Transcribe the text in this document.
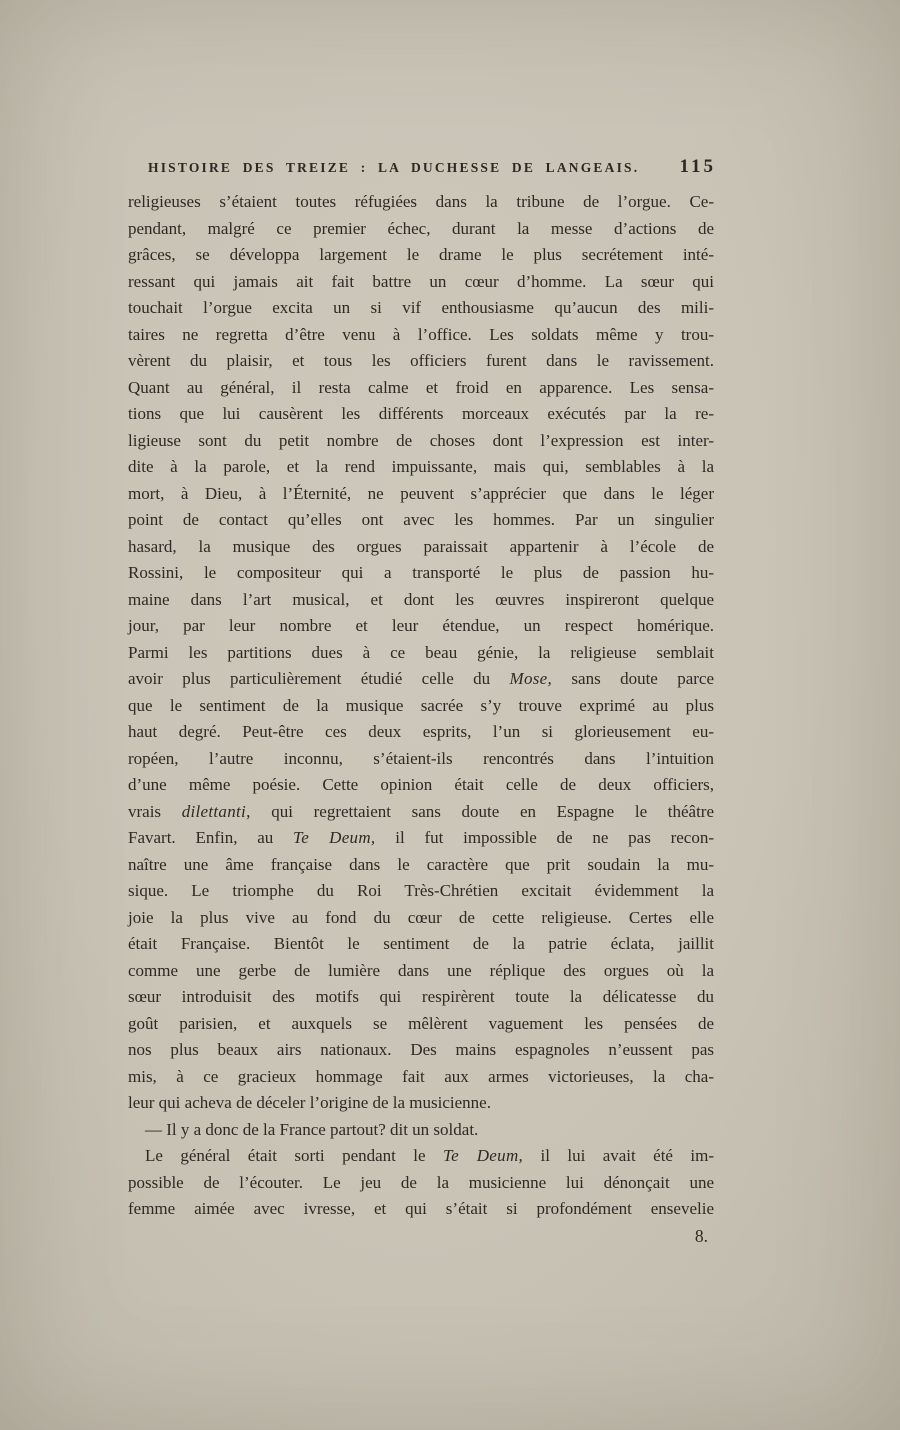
HISTOIRE DES TREIZE : LA DUCHESSE DE LANGEAIS. 115
religieuses s’étaient toutes réfugiées dans la tribune de l’orgue. Ce-
pendant, malgré ce premier échec, durant la messe d’actions de
grâces, se développa largement le drame le plus secrétement inté-
ressant qui jamais ait fait battre un cœur d’homme. La sœur qui
touchait l’orgue excita un si vif enthousiasme qu’aucun des mili-
taires ne regretta d’être venu à l’office. Les soldats même y trou-
vèrent du plaisir, et tous les officiers furent dans le ravissement.
Quant au général, il resta calme et froid en apparence. Les sensa-
tions que lui causèrent les différents morceaux exécutés par la re-
ligieuse sont du petit nombre de choses dont l’expression est inter-
dite à la parole, et la rend impuissante, mais qui, semblables à la
mort, à Dieu, à l’Éternité, ne peuvent s’apprécier que dans le léger
point de contact qu’elles ont avec les hommes. Par un singulier
hasard, la musique des orgues paraissait appartenir à l’école de
Rossini, le compositeur qui a transporté le plus de passion hu-
maine dans l’art musical, et dont les œuvres inspireront quelque
jour, par leur nombre et leur étendue, un respect homérique.
Parmi les partitions dues à ce beau génie, la religieuse semblait
avoir plus particulièrement étudié celle du Mose, sans doute parce
que le sentiment de la musique sacrée s’y trouve exprimé au plus
haut degré. Peut-être ces deux esprits, l’un si glorieusement eu-
ropéen, l’autre inconnu, s’étaient-ils rencontrés dans l’intuition
d’une même poésie. Cette opinion était celle de deux officiers,
vrais dilettanti, qui regrettaient sans doute en Espagne le théâtre
Favart. Enfin, au Te Deum, il fut impossible de ne pas recon-
naître une âme française dans le caractère que prit soudain la mu-
sique. Le triomphe du Roi Très-Chrétien excitait évidemment la
joie la plus vive au fond du cœur de cette religieuse. Certes elle
était Française. Bientôt le sentiment de la patrie éclata, jaillit
comme une gerbe de lumière dans une réplique des orgues où la
sœur introduisit des motifs qui respirèrent toute la délicatesse du
goût parisien, et auxquels se mêlèrent vaguement les pensées de
nos plus beaux airs nationaux. Des mains espagnoles n’eussent pas
mis, à ce gracieux hommage fait aux armes victorieuses, la cha-
leur qui acheva de déceler l’origine de la musicienne.
— Il y a donc de la France partout? dit un soldat.
Le général était sorti pendant le Te Deum, il lui avait été im-
possible de l’écouter. Le jeu de la musicienne lui dénonçait une
femme aimée avec ivresse, et qui s’était si profondément ensevelie
8.
